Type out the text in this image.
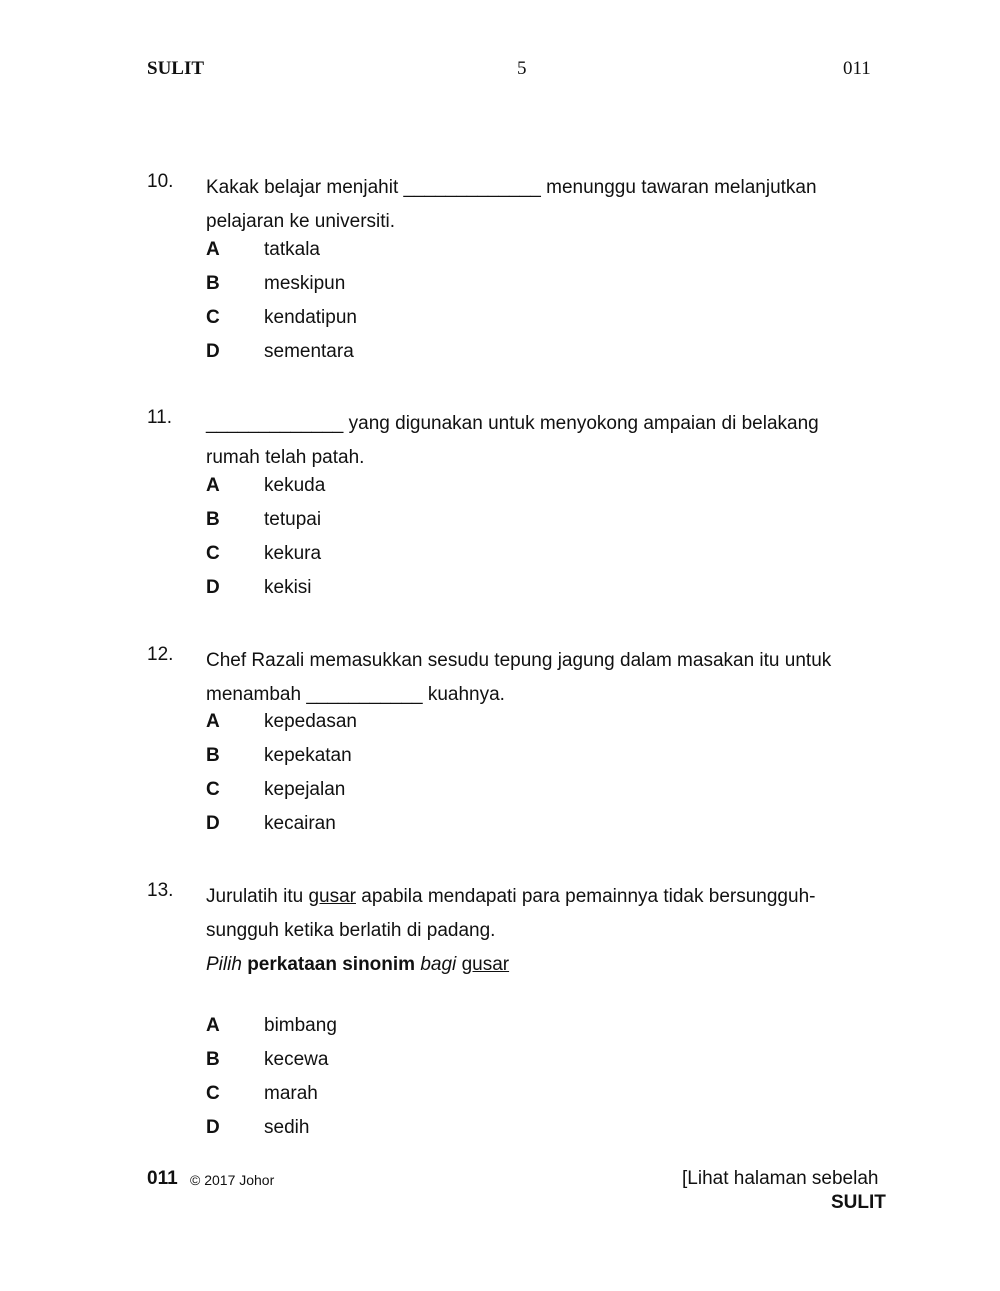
SULIT	5	011
10. Kakak belajar menjahit _____________ menunggu tawaran melanjutkan
pelajaran ke universiti.
A tatkala
B meskipun
C kendatipun
D sementara
11. _____________ yang digunakan untuk menyokong ampaian di belakang
rumah telah patah.
A kekuda
B tetupai
C kekura
D kekisi
12. Chef Razali memasukkan sesudu tepung jagung dalam masakan itu untuk
menambah ___________ kuahnya.
A kepedasan
B kepekatan
C kepejalan
D kecairan
13. Jurulatih itu gusar apabila mendapati para pemainnya tidak bersungguh-
sungguh ketika berlatih di padang.
Pilih perkataan sinonim bagi gusar
A bimbang
B kecewa
C marah
D sedih
011 © 2017 Johor	[Lihat halaman sebelah
SULIT
